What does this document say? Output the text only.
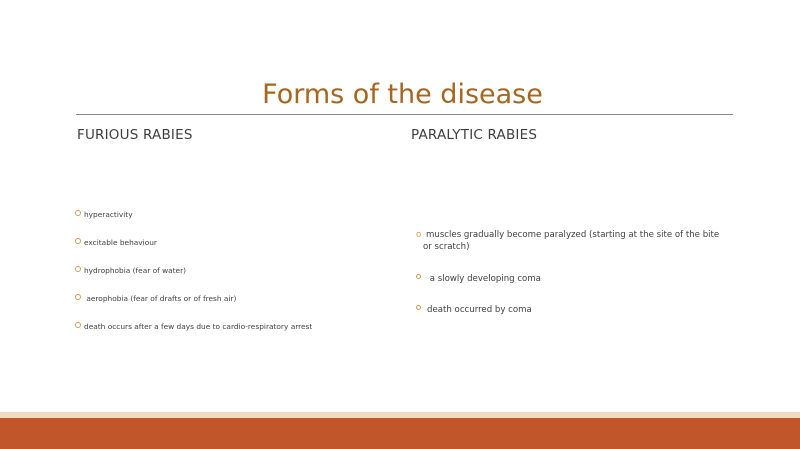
Forms of the disease
FURIOUS RABIES	PARALYTIC RABIES
hyperactivity
excitable behaviour
hydrophobia (fear of water)
aerophobia (fear of drafts or of fresh air)
death occurs after a few days due to cardio-respiratory arrest
o muscles gradually become paralyzed (starting at the site of the bite
or scratch)
a slowly developing coma
death occurred by coma
